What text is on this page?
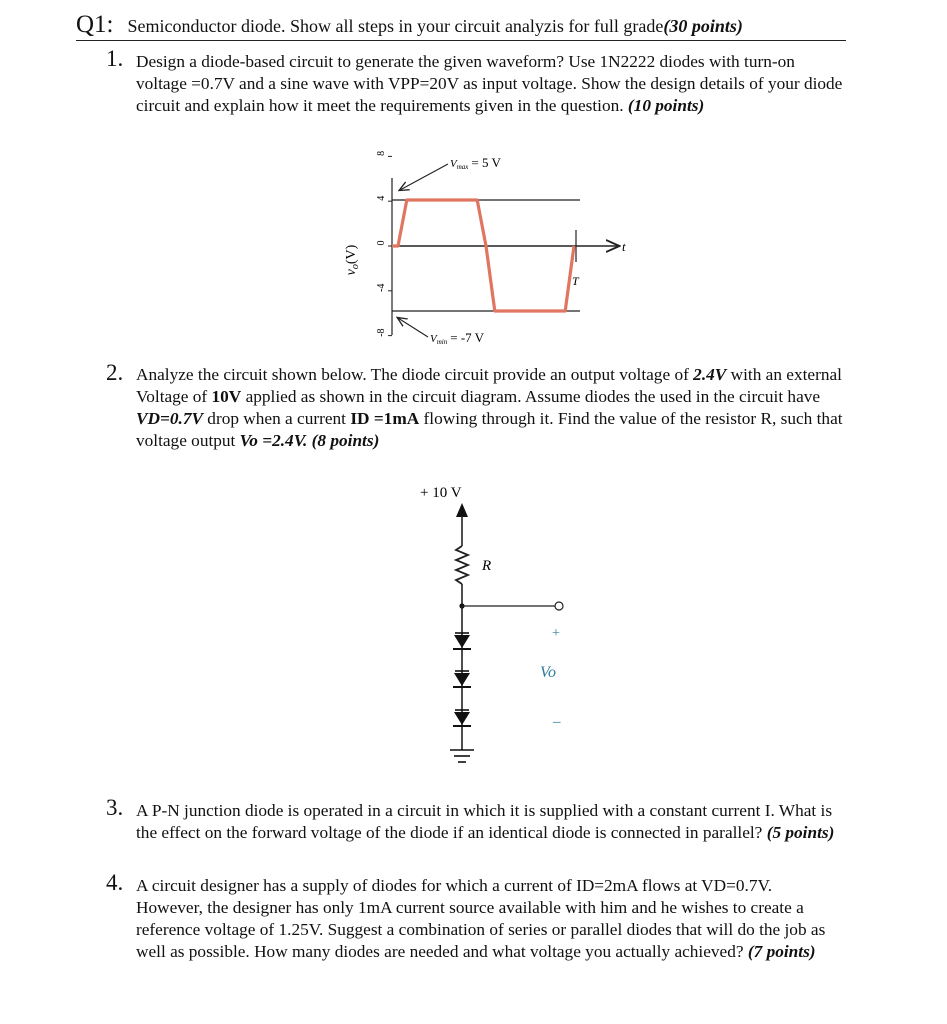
Q1: Semiconductor diode. Show all steps in your circuit analyzis for full grade(30 points)
1. Design a diode-based circuit to generate the given waveform? Use 1N2222 diodes with turn-on voltage =0.7V and a sine wave with VPP=20V as input voltage. Show the design details of your diode circuit and explain how it meet the requirements given in the question. (10 points)
$v_o(V)$
8
4
0
-4
-8
t
T
Vmax = 5 V
Vmin = -7 V
2. Analyze the circuit shown below. The diode circuit provide an output voltage of 2.4V with an external Voltage of 10V applied as shown in the circuit diagram. Assume diodes the used in the circuit have VD=0.7V drop when a current ID =1mA flowing through it. Find the value of the resistor R, such that voltage output Vo =2.4V. (8 points)
+ 10 V
R
+
Vo
–
3. A P-N junction diode is operated in a circuit in which it is supplied with a constant current I. What is the effect on the forward voltage of the diode if an identical diode is connected in parallel? (5 points)
4. A circuit designer has a supply of diodes for which a current of ID=2mA flows at VD=0.7V. However, the designer has only 1mA current source available with him and he wishes to create a reference voltage of 1.25V. Suggest a combination of series or parallel diodes that will do the job as well as possible. How many diodes are needed and what voltage you actually achieved? (7 points)
